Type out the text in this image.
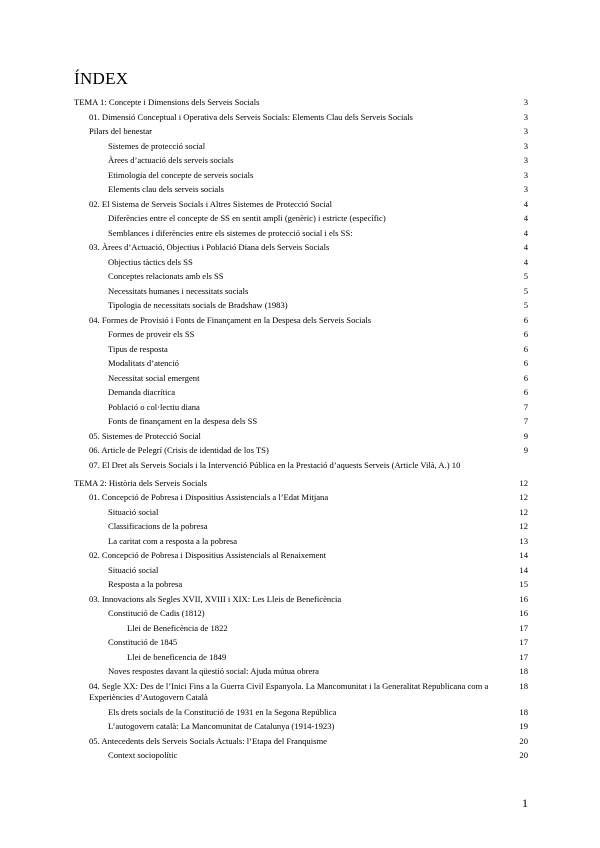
ÍNDEX
TEMA 1: Concepte i Dimensions dels Serveis Socials	3
01. Dimensió Conceptual i Operativa dels Serveis Socials: Elements Clau dels Serveis Socials	3
Pilars del benestar	3
Sistemes de protecció social	3
Àrees d’actuació dels serveis socials	3
Etimologia del concepte de serveis socials	3
Elements clau dels serveis socials	3
02. El Sistema de Serveis Socials i Altres Sistemes de Protecció Social	4
Diferències entre el concepte de SS en sentit ampli (genèric) i estricte (específic)	4
Semblances i diferències entre els sistemes de protecció social i els SS:	4
03. Àrees d’Actuació, Objectius i Població Diana dels Serveis Socials	4
Objectius tàctics dels SS	4
Conceptes relacionats amb els SS	5
Necessitats humanes i necessitats socials	5
Tipologia de necessitats socials de Bradshaw (1983)	5
04. Formes de Provisió i Fonts de Finançament en la Despesa dels Serveis Socials	6
Formes de proveir els SS	6
Tipus de resposta	6
Modalitats d’atenció	6
Necessitat social emergent	6
Demanda diacrítica	6
Població o col·lectiu diana	7
Fonts de finançament en la despesa dels SS	7
05. Sistemes de Protecció Social	9
06. Article de Pelegrí (Crisis de identidad de los TS)	9
07. El Dret als Serveis Socials i la Intervenció Pública en la Prestació d’aquests Serveis (Article Vilà, A.) 10
TEMA 2: Història dels Serveis Socials	12
01. Concepció de Pobresa i Dispositius Assistencials a l’Edat Mitjana	12
Situació social	12
Classificacions de la pobresa	12
La caritat com a resposta a la pobresa	13
02. Concepció de Pobresa i Dispositius Assistencials al Renaixement	14
Situació social	14
Resposta a la pobresa	15
03. Innovacions als Segles XVII, XVIII i XIX: Les Lleis de Beneficència	16
Constitució de Cadis (1812)	16
Llei de Beneficència de 1822	17
Constitució de 1845	17
Llei de beneficencia de 1849	17
Noves respostes davant la qüestió social: Ajuda mútua obrera	18
04. Segle XX: Des de l’Inici Fins a la Guerra Civil Espanyola. La Mancomunitat i la Generalitat Republicana com a Experiències d’Autogovern Català
18
Els drets socials de la Constitució de 1931 en la Segona República	18
L’autogovern català: La Mancomunitat de Catalunya (1914-1923)	19
05. Antecedents dels Serveis Socials Actuals: l’Etapa del Franquisme	20
Context sociopolític	20
1
